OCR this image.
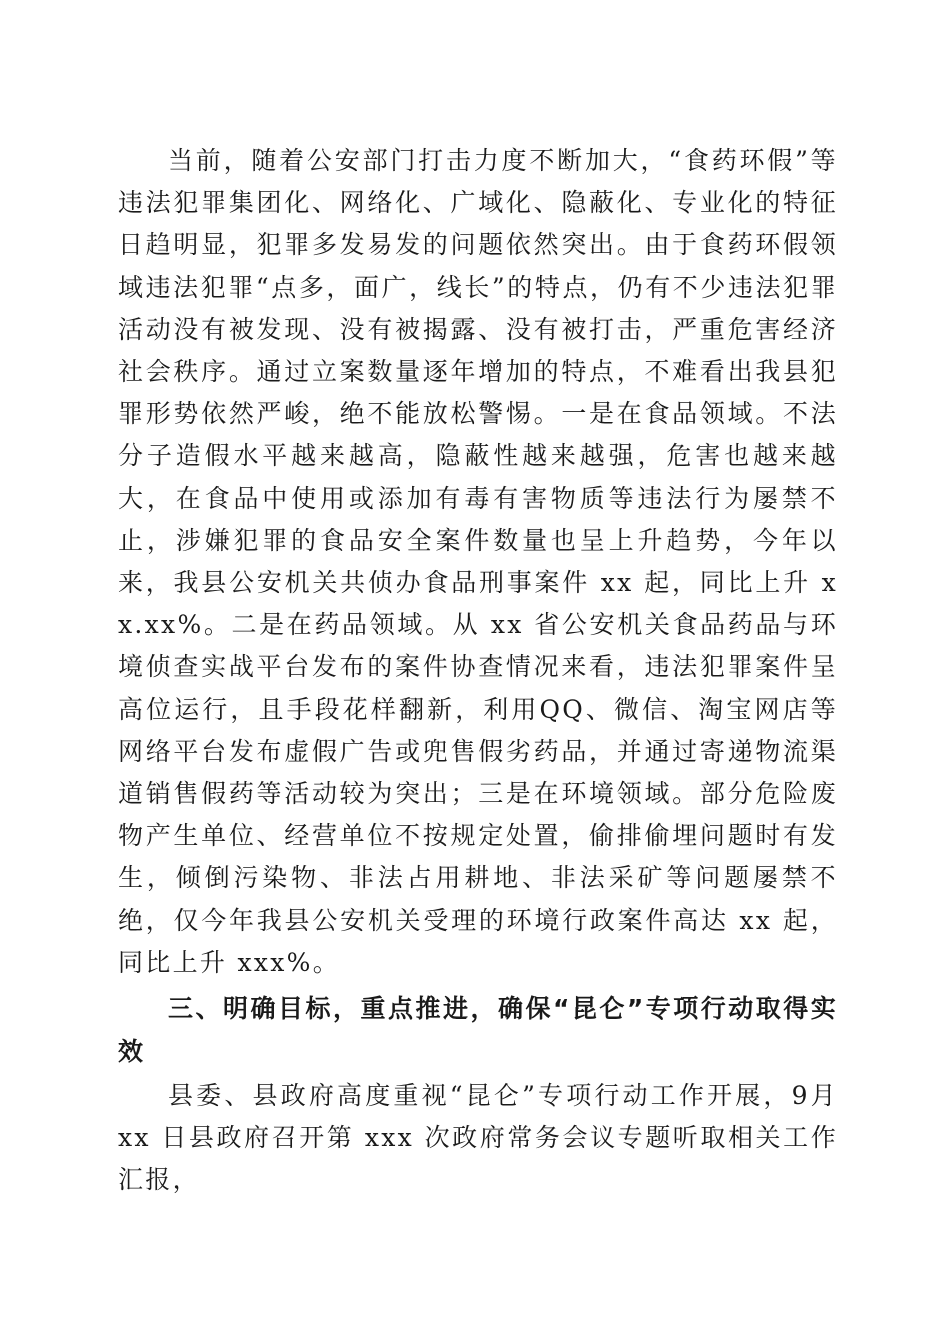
当前，随着公安部门打击力度不断加大，“食药环假”等违法犯罪集团化、网络化、广域化、隐蔽化、专业化的特征日趋明显，犯罪多发易发的问题依然突出。由于食药环假领域违法犯罪“点多，面广，线长”的特点，仍有不少违法犯罪活动没有被发现、没有被揭露、没有被打击，严重危害经济社会秩序。通过立案数量逐年增加的特点，不难看出我县犯罪形势依然严峻，绝不能放松警惕。一是在食品领域。不法分子造假水平越来越高，隐蔽性越来越强，危害也越来越大，在食品中使用或添加有毒有害物质等违法行为屡禁不止，涉嫌犯罪的食品安全案件数量也呈上升趋势，今年以来，我县公安机关共侦办食品刑事案件 xx 起，同比上升 xx.xx%。二是在药品领域。从 xx 省公安机关食品药品与环境侦查实战平台发布的案件协查情况来看，违法犯罪案件呈高位运行，且手段花样翻新，利用QQ、微信、淘宝网店等网络平台发布虚假广告或兜售假劣药品，并通过寄递物流渠道销售假药等活动较为突出；三是在环境领域。部分危险废物产生单位、经营单位不按规定处置，偷排偷埋问题时有发生，倾倒污染物、非法占用耕地、非法采矿等问题屡禁不绝，仅今年我县公安机关受理的环境行政案件高达 xx 起，同比上升 xxx%。

三、明确目标，重点推进，确保“昆仑”专项行动取得实效

县委、县政府高度重视“昆仑”专项行动工作开展，9月 xx 日县政府召开第 xxx 次政府常务会议专题听取相关工作汇报，
